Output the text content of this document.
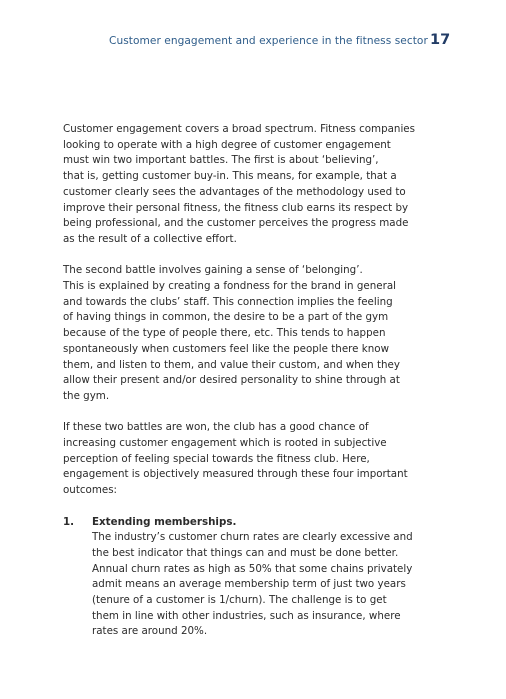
Customer engagement and experience in the fitness sector 17

Customer engagement covers a broad spectrum. Fitness companies
looking to operate with a high degree of customer engagement
must win two important battles. The first is about ‘believing’,
that is, getting customer buy-in. This means, for example, that a
customer clearly sees the advantages of the methodology used to
improve their personal fitness, the fitness club earns its respect by
being professional, and the customer perceives the progress made
as the result of a collective effort.

The second battle involves gaining a sense of ‘belonging’.
This is explained by creating a fondness for the brand in general
and towards the clubs’ staff. This connection implies the feeling
of having things in common, the desire to be a part of the gym
because of the type of people there, etc. This tends to happen
spontaneously when customers feel like the people there know
them, and listen to them, and value their custom, and when they
allow their present and/or desired personality to shine through at
the gym.

If these two battles are won, the club has a good chance of
increasing customer engagement which is rooted in subjective
perception of feeling special towards the fitness club. Here,
engagement is objectively measured through these four important
outcomes:

1. Extending memberships.
The industry’s customer churn rates are clearly excessive and
the best indicator that things can and must be done better.
Annual churn rates as high as 50% that some chains privately
admit means an average membership term of just two years
(tenure of a customer is 1/churn). The challenge is to get
them in line with other industries, such as insurance, where
rates are around 20%.
